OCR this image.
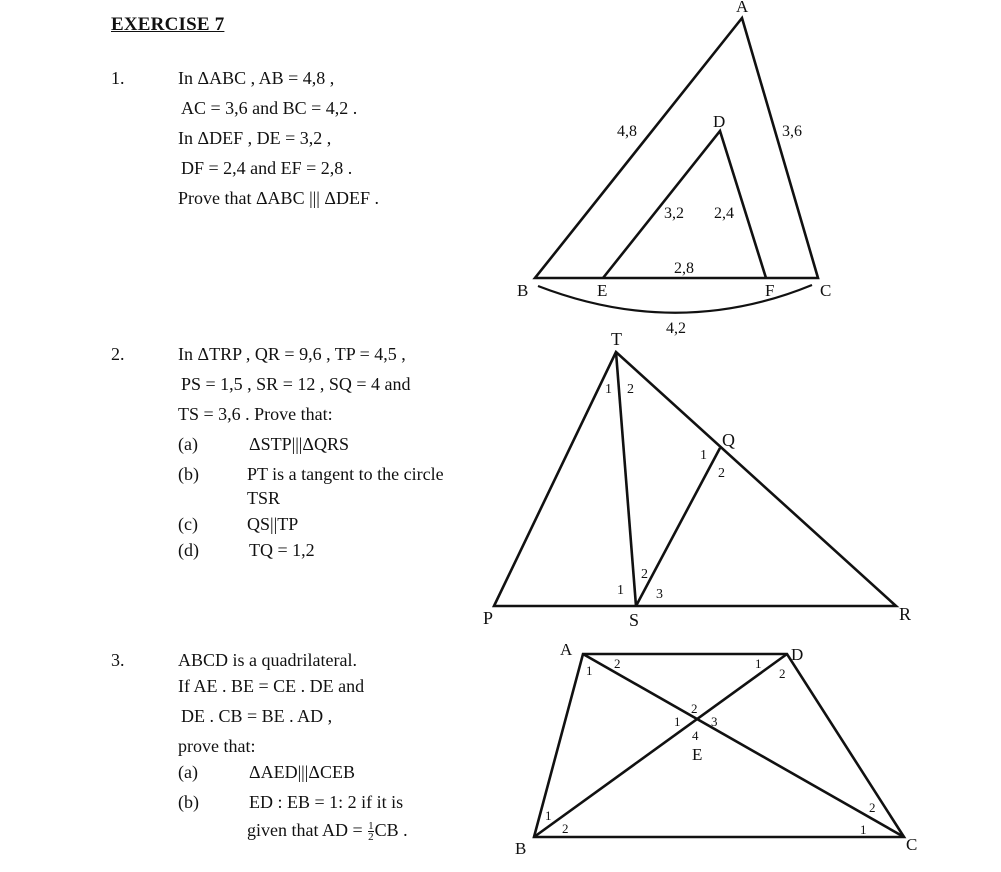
EXERCISE 7
1.	In ΔABC , AB = 4,8 ,
AC = 3,6 and BC = 4,2 .
In ΔDEF , DE = 3,2 ,
DF = 2,4 and EF = 2,8 .
Prove that ΔABC ||| ΔDEF .
2.	In ΔTRP , QR = 9,6 , TP = 4,5 ,
PS = 1,5 , SR = 12 , SQ = 4 and
TS = 3,6 . Prove that:
(a)	ΔSTP|||ΔQRS
(b)	PT is a tangent to the circle
TSR
(c)	QS||TP
(d)	TQ = 1,2
3.	ABCD is a quadrilateral.
If AE . BE = CE . DE and
DE . CB = BE . AD ,
prove that:
(a)	ΔAED|||ΔCEB
(b)	ED : EB = 1: 2 if it is
given that AD = $\frac{1}{2}$ CB .
A
B	C
D
E	F
4,8	3,6
3,2 2,4
2,8
4,2
T
P	S	R
Q
1 2
1
2
1
2
3
A	D
B	C
E
1 2	1
2
1
2
3
4
1
2	1
2
